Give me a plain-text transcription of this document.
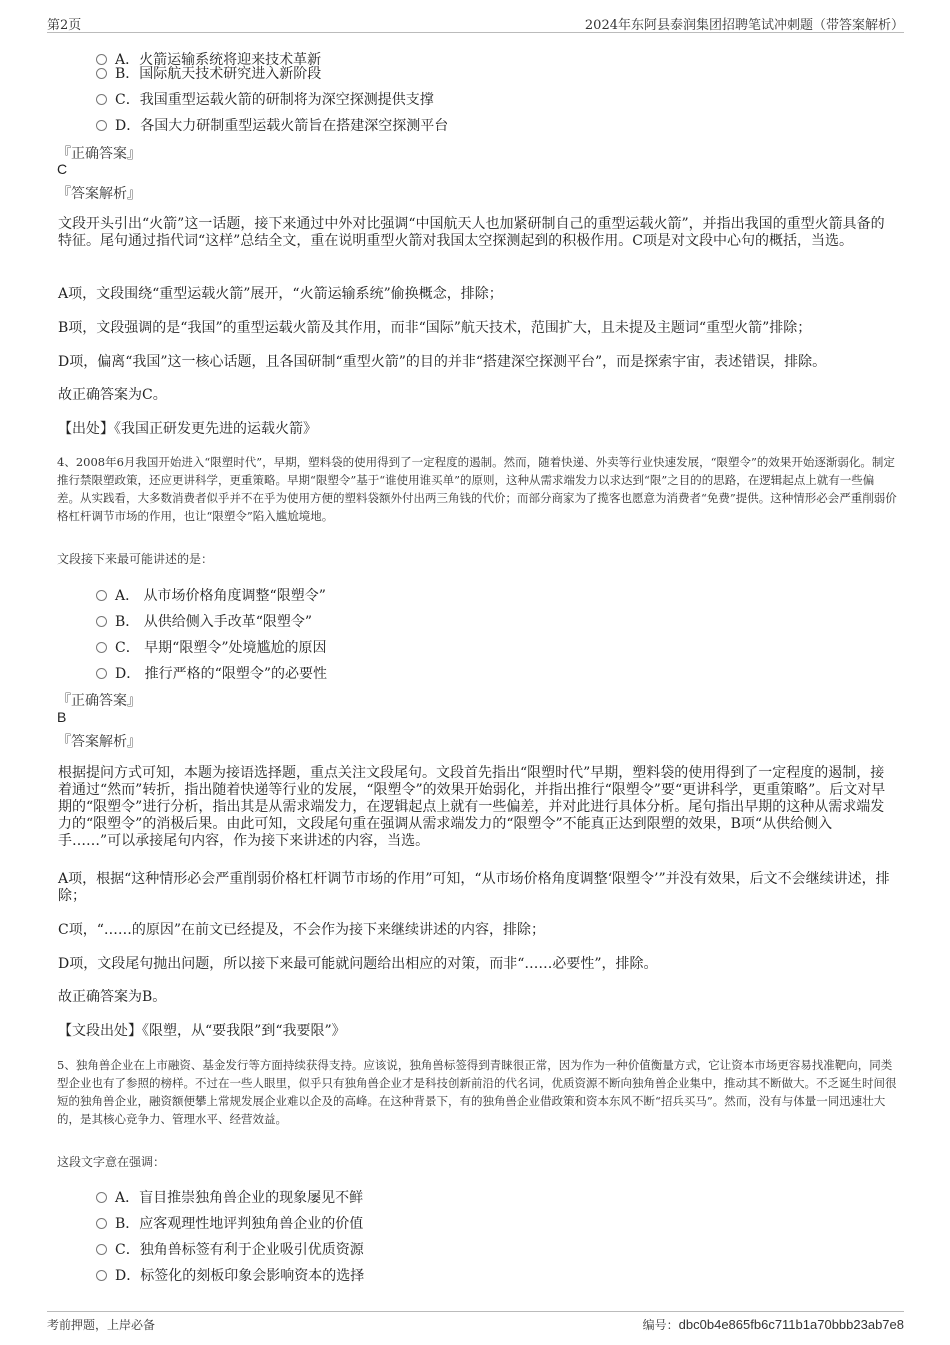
第2页	2024年东阿县泰润集团招聘笔试冲刺题（带答案解析）
A．火箭运输系统将迎来技术革新
B．国际航天技术研究进入新阶段
C．我国重型运载火箭的研制将为深空探测提供支撑
D．各国大力研制重型运载火箭旨在搭建深空探测平台
『正确答案』
C
『答案解析』
文段开头引出“火箭”这一话题，接下来通过中外对比强调“中国航天人也加紧研制自己的重型运载火箭”，并指出我国的重型火箭具备的特征。尾句通过指代词“这样”总结全文，重在说明重型火箭对我国太空探测起到的积极作用。C项是对文段中心句的概括，当选。
A项，文段围绕“重型运载火箭”展开，“火箭运输系统”偷换概念，排除；
B项，文段强调的是“我国”的重型运载火箭及其作用，而非“国际”航天技术，范围扩大，且未提及主题词“重型火箭”排除；
D项，偏离“我国”这一核心话题，且各国研制“重型火箭”的目的并非“搭建深空探测平台”，而是探索宇宙，表述错误，排除。
故正确答案为C。
【出处】《我国正研发更先进的运载火箭》
4、2008年6月我国开始进入“限塑时代”，早期，塑料袋的使用得到了一定程度的遏制。然而，随着快递、外卖等行业快速发展，“限塑令”的效果开始逐渐弱化。制定推行禁限塑政策，还应更讲科学，更重策略。早期“限塑令”基于“谁使用谁买单”的原则，这种从需求端发力以求达到“限”之目的的思路，在逻辑起点上就有一些偏差。从实践看，大多数消费者似乎并不在乎为使用方便的塑料袋额外付出两三角钱的代价；而部分商家为了揽客也愿意为消费者“免费”提供。这种情形必会严重削弱价格杠杆调节市场的作用，也让“限塑令”陷入尴尬境地。
文段接下来最可能讲述的是：
A． 从市场价格角度调整“限塑令”
B． 从供给侧入手改革“限塑令”
C． 早期“限塑令”处境尴尬的原因
D． 推行严格的“限塑令”的必要性
『正确答案』
B
『答案解析』
根据提问方式可知，本题为接语选择题，重点关注文段尾句。文段首先指出“限塑时代”早期，塑料袋的使用得到了一定程度的遏制，接着通过“然而”转折，指出随着快递等行业的发展，“限塑令”的效果开始弱化，并指出推行“限塑令”要“更讲科学，更重策略”。后文对早期的“限塑令”进行分析，指出其是从需求端发力，在逻辑起点上就有一些偏差，并对此进行具体分析。尾句指出早期的这种从需求端发力的“限塑令”的消极后果。由此可知，文段尾句重在强调从需求端发力的“限塑令”不能真正达到限塑的效果，B项“从供给侧入手……”可以承接尾句内容，作为接下来讲述的内容，当选。
A项，根据“这种情形必会严重削弱价格杠杆调节市场的作用”可知，“从市场价格角度调整‘限塑令’”并没有效果，后文不会继续讲述，排除；
C项，“……的原因”在前文已经提及，不会作为接下来继续讲述的内容，排除；
D项，文段尾句抛出问题，所以接下来最可能就问题给出相应的对策，而非“……必要性”，排除。
故正确答案为B。
【文段出处】《限塑，从“要我限”到“我要限”》
5、独角兽企业在上市融资、基金发行等方面持续获得支持。应该说，独角兽标签得到青睐很正常，因为作为一种价值衡量方式，它让资本市场更容易找准靶向，同类型企业也有了参照的榜样。不过在一些人眼里，似乎只有独角兽企业才是科技创新前沿的代名词，优质资源不断向独角兽企业集中，推动其不断做大。不乏诞生时间很短的独角兽企业，融资额便攀上常规发展企业难以企及的高峰。在这种背景下，有的独角兽企业借政策和资本东风不断“招兵买马”。然而，没有与体量一同迅速壮大的，是其核心竞争力、管理水平、经营效益。
这段文字意在强调：
A．盲目推崇独角兽企业的现象屡见不鲜
B．应客观理性地评判独角兽企业的价值
C．独角兽标签有利于企业吸引优质资源
D．标签化的刻板印象会影响资本的选择
考前押题，上岸必备	编号：dbc0b4e865fb6c711b1a70bbb23ab7e8
